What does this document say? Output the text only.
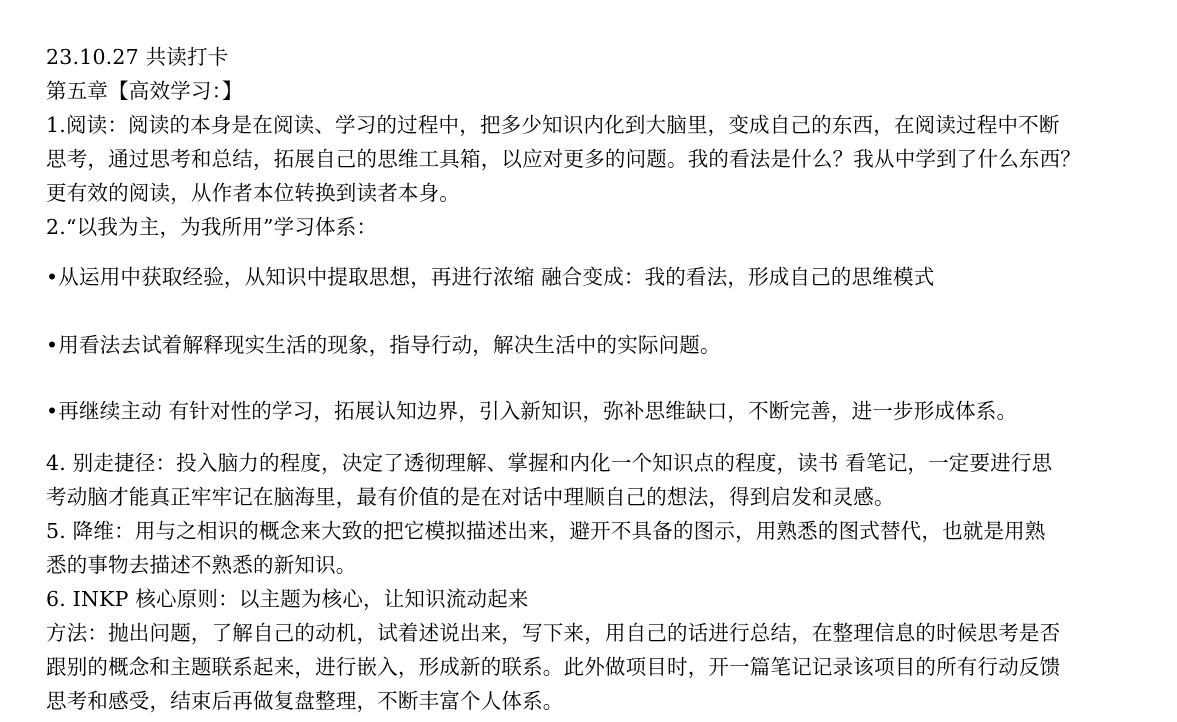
23.10.27 共读打卡
第五章【高效学习：】
1.阅读：阅读的本身是在阅读、学习的过程中，把多少知识内化到大脑里，变成自己的东西，在阅读过程中不断
思考，通过思考和总结，拓展自己的思维工具箱，以应对更多的问题。我的看法是什么？我从中学到了什么东西？
更有效的阅读，从作者本位转换到读者本身。
2.“以我为主，为我所用”学习体系：
•从运用中获取经验，从知识中提取思想，再进行浓缩 融合变成：我的看法，形成自己的思维模式
•用看法去试着解释现实生活的现象，指导行动，解决生活中的实际问题。
•再继续主动 有针对性的学习，拓展认知边界，引入新知识，弥补思维缺口，不断完善，进一步形成体系。
4. 别走捷径：投入脑力的程度，决定了透彻理解、掌握和内化一个知识点的程度，读书 看笔记，一定要进行思
考动脑才能真正牢牢记在脑海里，最有价值的是在对话中理顺自己的想法，得到启发和灵感。
5. 降维：用与之相识的概念来大致的把它模拟描述出来，避开不具备的图示，用熟悉的图式替代，也就是用熟
悉的事物去描述不熟悉的新知识。
6. INKP 核心原则：以主题为核心，让知识流动起来
方法：抛出问题，了解自己的动机，试着述说出来，写下来，用自己的话进行总结，在整理信息的时候思考是否
跟别的概念和主题联系起来，进行嵌入，形成新的联系。此外做项目时，开一篇笔记记录该项目的所有行动反馈
思考和感受，结束后再做复盘整理，不断丰富个人体系。
